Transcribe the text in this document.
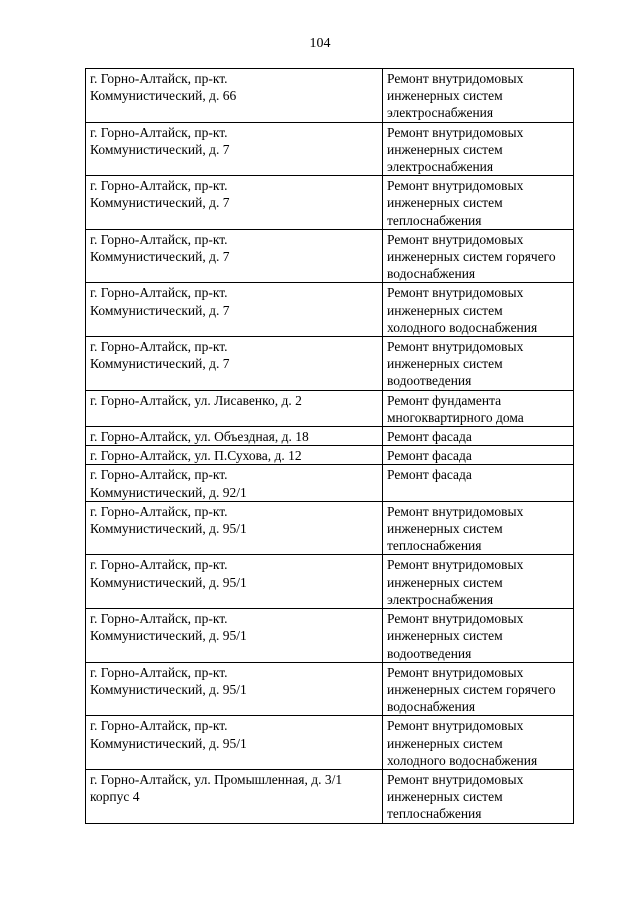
104
г. Горно-Алтайск, пр-кт.
Коммунистический, д. 66	Ремонт внутридомовых
инженерных систем
электроснабжения

г. Горно-Алтайск, пр-кт.
Коммунистический, д. 7	Ремонт внутридомовых
инженерных систем
электроснабжения

г. Горно-Алтайск, пр-кт.
Коммунистический, д. 7	Ремонт внутридомовых
инженерных систем
теплоснабжения

г. Горно-Алтайск, пр-кт.
Коммунистический, д. 7	Ремонт внутридомовых
инженерных систем горячего
водоснабжения

г. Горно-Алтайск, пр-кт.
Коммунистический, д. 7	Ремонт внутридомовых
инженерных систем
холодного водоснабжения

г. Горно-Алтайск, пр-кт.
Коммунистический, д. 7	Ремонт внутридомовых
инженерных систем
водоотведения

г. Горно-Алтайск, ул. Лисавенко, д. 2	Ремонт фундамента
многоквартирного дома

г. Горно-Алтайск, ул. Объездная, д. 18	Ремонт фасада

г. Горно-Алтайск, ул. П.Сухова, д. 12	Ремонт фасада

г. Горно-Алтайск, пр-кт.
Коммунистический, д. 92/1	Ремонт фасада

г. Горно-Алтайск, пр-кт.
Коммунистический, д. 95/1	Ремонт внутридомовых
инженерных систем
теплоснабжения

г. Горно-Алтайск, пр-кт.
Коммунистический, д. 95/1	Ремонт внутридомовых
инженерных систем
электроснабжения

г. Горно-Алтайск, пр-кт.
Коммунистический, д. 95/1	Ремонт внутридомовых
инженерных систем
водоотведения

г. Горно-Алтайск, пр-кт.
Коммунистический, д. 95/1	Ремонт внутридомовых
инженерных систем горячего
водоснабжения

г. Горно-Алтайск, пр-кт.
Коммунистический, д. 95/1	Ремонт внутридомовых
инженерных систем
холодного водоснабжения

г. Горно-Алтайск, ул. Промышленная, д. 3/1
корпус 4	Ремонт внутридомовых
инженерных систем
теплоснабжения
